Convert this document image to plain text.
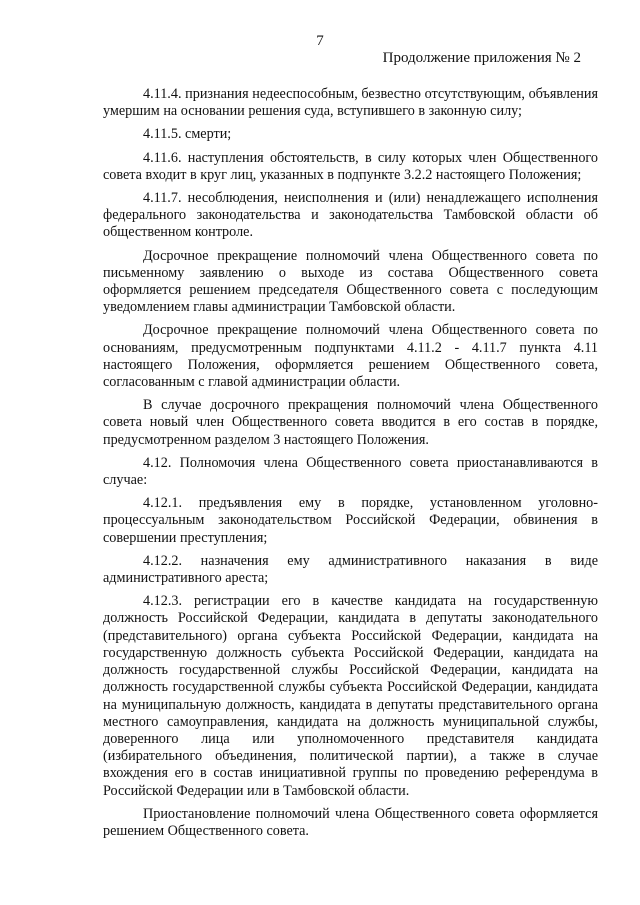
7
Продолжение приложения № 2

4.11.4. признания недееспособным, безвестно отсутствующим, объявления умершим на основании решения суда, вступившего в законную силу;

4.11.5. смерти;

4.11.6. наступления обстоятельств, в силу которых член Общественного совета входит в круг лиц, указанных в подпункте 3.2.2 настоящего Положения;

4.11.7. несоблюдения, неисполнения и (или) ненадлежащего исполнения федерального законодательства и законодательства Тамбовской области об общественном контроле.

Досрочное прекращение полномочий члена Общественного совета по письменному заявлению о выходе из состава Общественного совета оформляется решением председателя Общественного совета с последующим уведомлением главы администрации Тамбовской области.

Досрочное прекращение полномочий члена Общественного совета по основаниям, предусмотренным подпунктами 4.11.2 - 4.11.7 пункта 4.11 настоящего Положения, оформляется решением Общественного совета, согласованным с главой администрации области.

В случае досрочного прекращения полномочий члена Общественного совета новый член Общественного совета вводится в его состав в порядке, предусмотренном разделом 3 настоящего Положения.

4.12. Полномочия члена Общественного совета приостанавливаются в случае:

4.12.1. предъявления ему в порядке, установленном уголовно-процессуальным законодательством Российской Федерации, обвинения в совершении преступления;

4.12.2. назначения ему административного наказания в виде административного ареста;

4.12.3. регистрации его в качестве кандидата на государственную должность Российской Федерации, кандидата в депутаты законодательного (представительного) органа субъекта Российской Федерации, кандидата на государственную должность субъекта Российской Федерации, кандидата на должность государственной службы Российской Федерации, кандидата на должность государственной службы субъекта Российской Федерации, кандидата на муниципальную должность, кандидата в депутаты представительного органа местного самоуправления, кандидата на должность муниципальной службы, доверенного лица или уполномоченного представителя кандидата (избирательного объединения, политической партии), а также в случае вхождения его в состав инициативной группы по проведению референдума в Российской Федерации или в Тамбовской области.

Приостановление полномочий члена Общественного совета оформляется решением Общественного совета.
